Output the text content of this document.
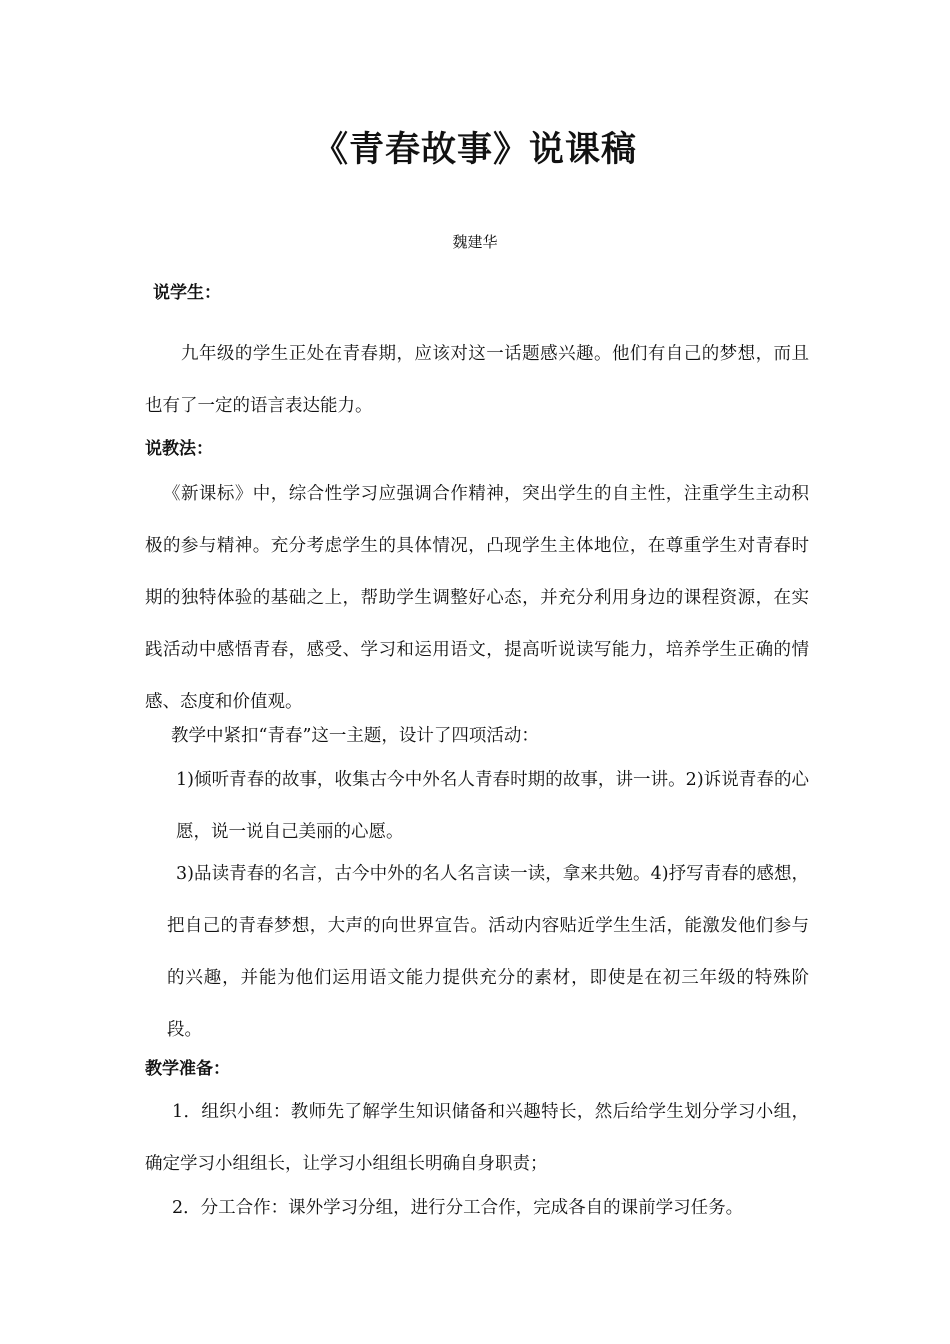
《青春故事》说课稿
魏建华
说学生：

九年级的学生正处在青春期，应该对这一话题感兴趣。他们有自己的梦想，而且也有了一定的语言表达能力。

说教法：

《新课标》中，综合性学习应强调合作精神，突出学生的自主性，注重学生主动积极的参与精神。充分考虑学生的具体情况，凸现学生主体地位，在尊重学生对青春时期的独特体验的基础之上，帮助学生调整好心态，并充分利用身边的课程资源，在实践活动中感悟青春，感受、学习和运用语文，提高听说读写能力，培养学生正确的情感、态度和价值观。

教学中紧扣“青春”这一主题，设计了四项活动：

1)倾听青春的故事，收集古今中外名人青春时期的故事，讲一讲。2)诉说青春的心愿，说一说自己美丽的心愿。

3)品读青春的名言，古今中外的名人名言读一读，拿来共勉。4)抒写青春的感想，把自己的青春梦想，大声的向世界宣告。活动内容贴近学生生活，能激发他们参与的兴趣，并能为他们运用语文能力提供充分的素材，即使是在初三年级的特殊阶段。

教学准备：

1．组织小组：教师先了解学生知识储备和兴趣特长，然后给学生划分学习小组，确定学习小组组长，让学习小组组长明确自身职责；

2．分工合作：课外学习分组，进行分工合作，完成各自的课前学习任务。
